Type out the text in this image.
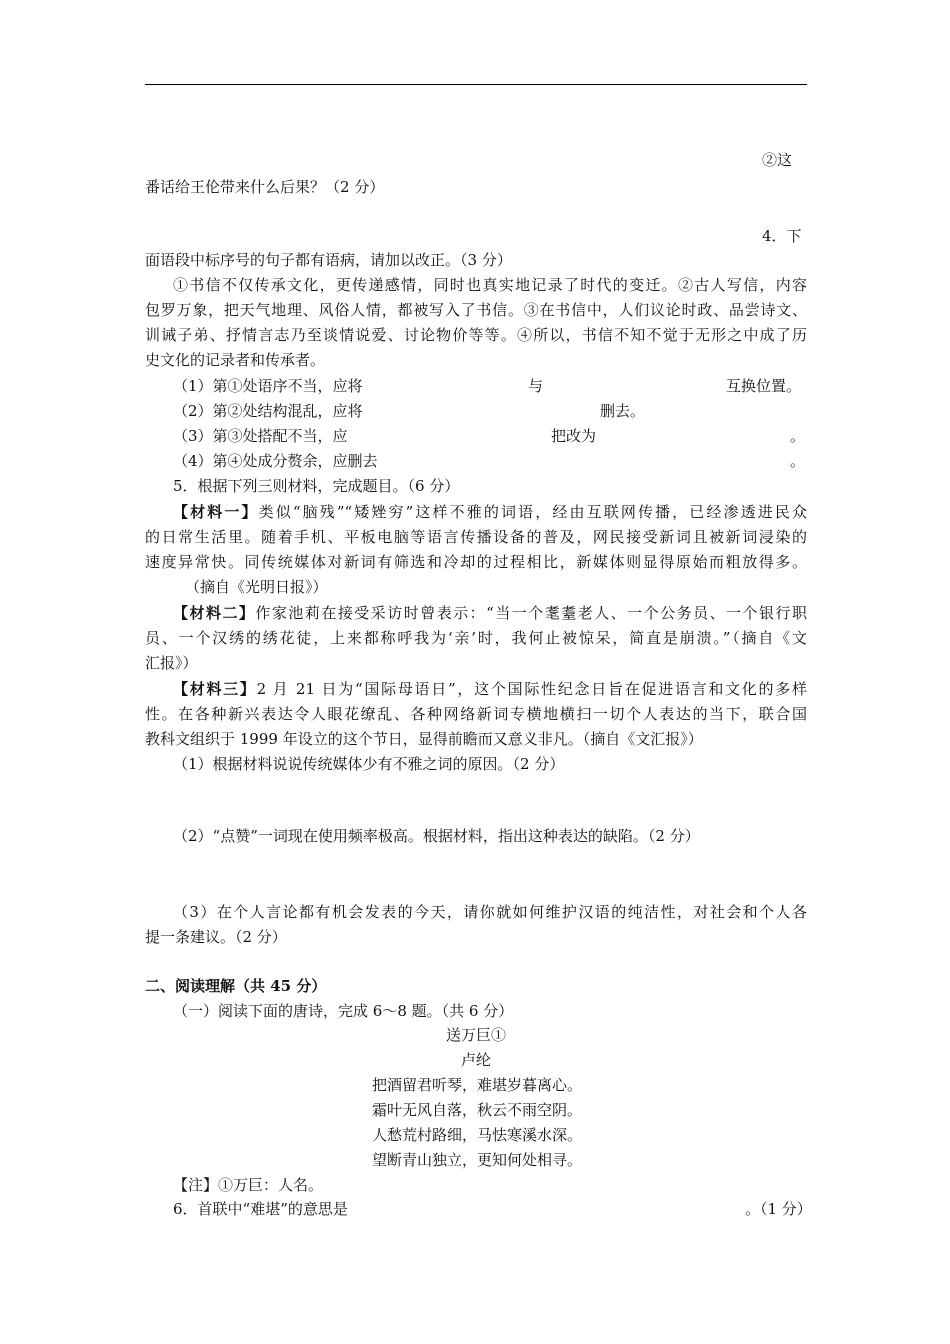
②这
番话给王伦带来什么后果？（2 分）
4．下
面语段中标序号的句子都有语病，请加以改正。（3 分）
①书信不仅传承文化，更传递感情，同时也真实地记录了时代的变迁。②古人写信，内容
包罗万象，把天气地理、风俗人情，都被写入了书信。③在书信中，人们议论时政、品尝诗文、
训诫子弟、抒情言志乃至谈情说爱、讨论物价等等。④所以，书信不知不觉于无形之中成了历
史文化的记录者和传承者。
（1）第①处语序不当，应将	与	互换位置。
（2）第②处结构混乱，应将	删去。
（3）第③处搭配不当，应	把改为	。
（4）第④处成分赘余，应删去	。
5．根据下列三则材料，完成题目。（6 分）
【材料一】类似“脑残”“矮矬穷”这样不雅的词语，经由互联网传播，已经渗透进民众
的日常生活里。随着手机、平板电脑等语言传播设备的普及，网民接受新词且被新词浸染的
速度异常快。同传统媒体对新词有筛选和冷却的过程相比，新媒体则显得原始而粗放得多。
（摘自《光明日报》）
【材料二】作家池莉在接受采访时曾表示：“当一个耄耋老人、一个公务员、一个银行职
员、一个汉绣的绣花徒，上来都称呼我为‘亲’时，我何止被惊呆，简直是崩溃。”（摘自《文
汇报》）
【材料三】2 月 21 日为“国际母语日”，这个国际性纪念日旨在促进语言和文化的多样
性。在各种新兴表达令人眼花缭乱、各种网络新词专横地横扫一切个人表达的当下，联合国
教科文组织于 1999 年设立的这个节日，显得前瞻而又意义非凡。（摘自《文汇报》）
（1）根据材料说说传统媒体少有不雅之词的原因。（2 分）
（2）“点赞”一词现在使用频率极高。根据材料，指出这种表达的缺陷。（2 分）
（3）在个人言论都有机会发表的今天，请你就如何维护汉语的纯洁性，对社会和个人各
提一条建议。（2 分）
二、阅读理解（共 45 分）
（一）阅读下面的唐诗，完成 6～8 题。（共 6 分）
送万巨①
卢纶
把酒留君听琴，难堪岁暮离心。
霜叶无风自落，秋云不雨空阴。
人愁荒村路细，马怯寒溪水深。
望断青山独立，更知何处相寻。
【注】①万巨：人名。
6．首联中“难堪”的意思是	。（1 分）
